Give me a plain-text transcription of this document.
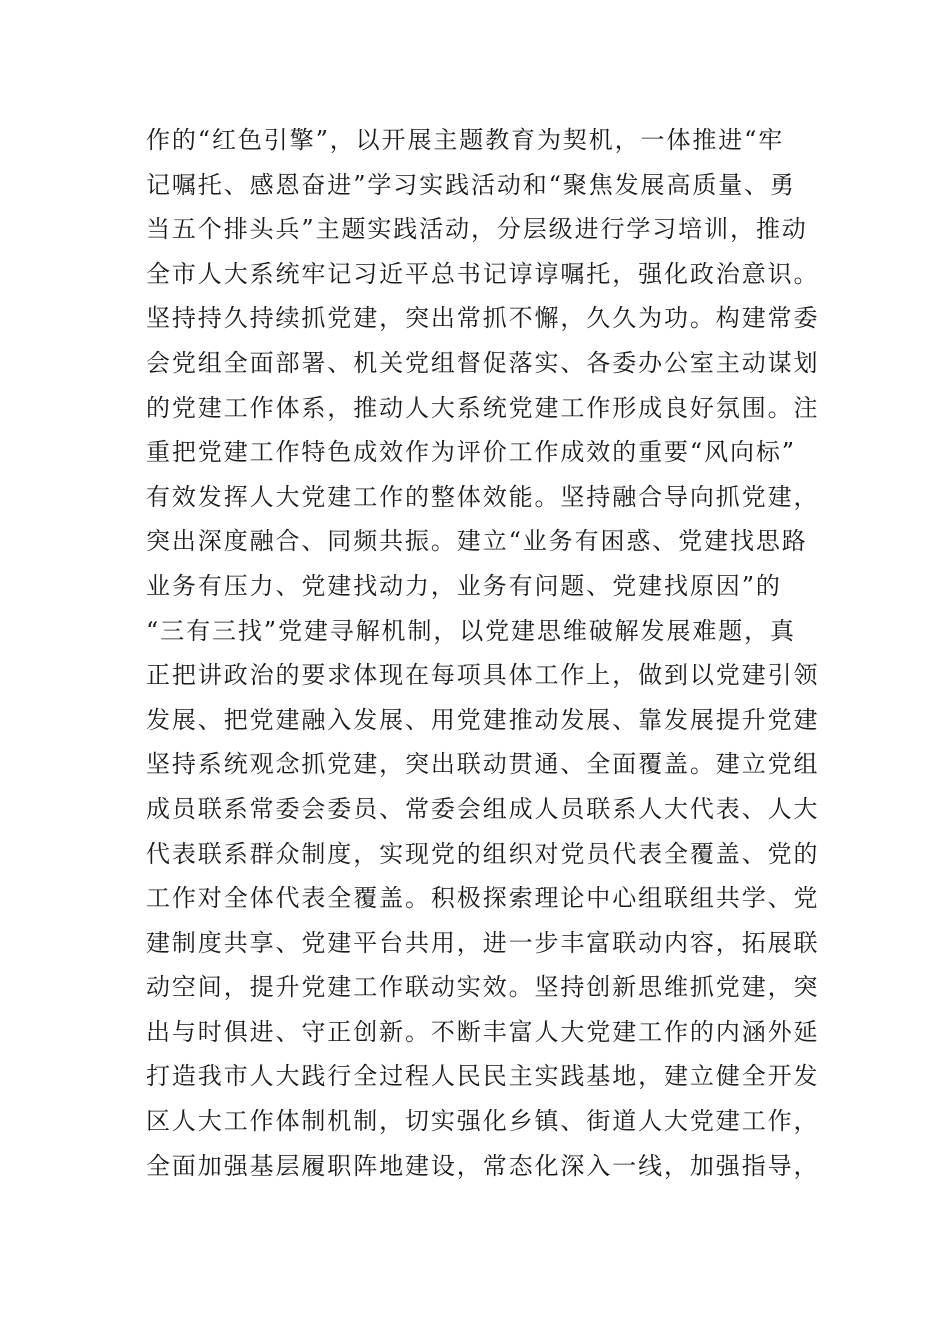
作的“红色引擎”，以开展主题教育为契机，一体推进“牢
记嘱托、感恩奋进”学习实践活动和“聚焦发展高质量、勇
当五个排头兵”主题实践活动，分层级进行学习培训，推动
全市人大系统牢记习近平总书记谆谆嘱托，强化政治意识。
坚持持久持续抓党建，突出常抓不懈，久久为功。构建常委
会党组全面部署、机关党组督促落实、各委办公室主动谋划
的党建工作体系，推动人大系统党建工作形成良好氛围。注
重把党建工作特色成效作为评价工作成效的重要“风向标”
有效发挥人大党建工作的整体效能。坚持融合导向抓党建，
突出深度融合、同频共振。建立“业务有困惑、党建找思路
业务有压力、党建找动力，业务有问题、党建找原因”的
“三有三找”党建寻解机制，以党建思维破解发展难题，真
正把讲政治的要求体现在每项具体工作上，做到以党建引领
发展、把党建融入发展、用党建推动发展、靠发展提升党建
坚持系统观念抓党建，突出联动贯通、全面覆盖。建立党组
成员联系常委会委员、常委会组成人员联系人大代表、人大
代表联系群众制度，实现党的组织对党员代表全覆盖、党的
工作对全体代表全覆盖。积极探索理论中心组联组共学、党
建制度共享、党建平台共用，进一步丰富联动内容，拓展联
动空间，提升党建工作联动实效。坚持创新思维抓党建，突
出与时俱进、守正创新。不断丰富人大党建工作的内涵外延
打造我市人大践行全过程人民民主实践基地，建立健全开发
区人大工作体制机制，切实强化乡镇、街道人大党建工作，
全面加强基层履职阵地建设，常态化深入一线，加强指导，
